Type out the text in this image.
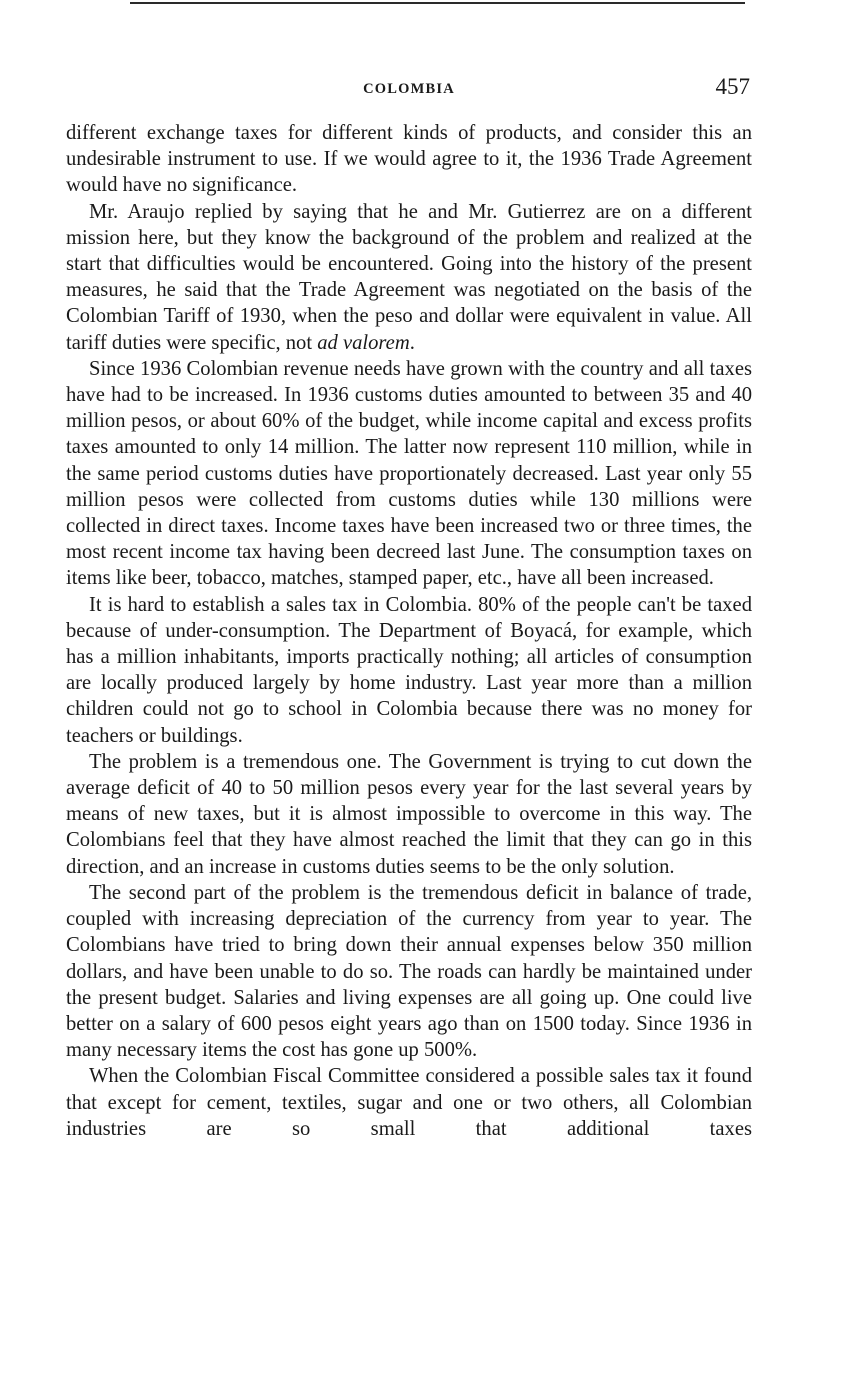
COLOMBIA	457

different exchange taxes for different kinds of products, and consider this an undesirable instrument to use. If we would agree to it, the 1936 Trade Agreement would have no significance.

Mr. Araujo replied by saying that he and Mr. Gutierrez are on a different mission here, but they know the background of the problem and realized at the start that difficulties would be encountered. Going into the history of the present measures, he said that the Trade Agreement was negotiated on the basis of the Colombian Tariff of 1930, when the peso and dollar were equivalent in value. All tariff duties were specific, not ad valorem.

Since 1936 Colombian revenue needs have grown with the country and all taxes have had to be increased. In 1936 customs duties amounted to between 35 and 40 million pesos, or about 60% of the budget, while income capital and excess profits taxes amounted to only 14 million. The latter now represent 110 million, while in the same period customs duties have proportionately decreased. Last year only 55 million pesos were collected from customs duties while 130 millions were collected in direct taxes. Income taxes have been increased two or three times, the most recent income tax having been decreed last June. The consumption taxes on items like beer, tobacco, matches, stamped paper, etc., have all been increased.

It is hard to establish a sales tax in Colombia. 80% of the people can't be taxed because of under-consumption. The Department of Boyacá, for example, which has a million inhabitants, imports practically nothing; all articles of consumption are locally produced largely by home industry. Last year more than a million children could not go to school in Colombia because there was no money for teachers or buildings.

The problem is a tremendous one. The Government is trying to cut down the average deficit of 40 to 50 million pesos every year for the last several years by means of new taxes, but it is almost impossible to overcome in this way. The Colombians feel that they have almost reached the limit that they can go in this direction, and an increase in customs duties seems to be the only solution.

The second part of the problem is the tremendous deficit in balance of trade, coupled with increasing depreciation of the currency from year to year. The Colombians have tried to bring down their annual expenses below 350 million dollars, and have been unable to do so. The roads can hardly be maintained under the present budget. Salaries and living expenses are all going up. One could live better on a salary of 600 pesos eight years ago than on 1500 today. Since 1936 in many necessary items the cost has gone up 500%.

When the Colombian Fiscal Committee considered a possible sales tax it found that except for cement, textiles, sugar and one or two others, all Colombian industries are so small that additional taxes
